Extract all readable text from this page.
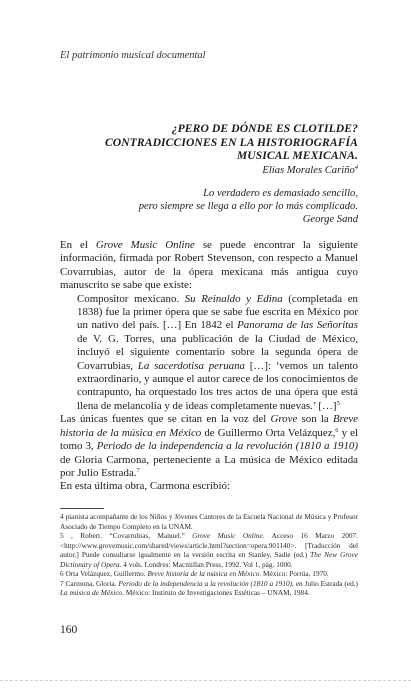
El patrimonio musical documental
¿PERO DE DÓNDE ES CLOTILDE?
CONTRADICCIONES EN LA HISTORIOGRAFÍA
MUSICAL MEXICANA.
Elías Morales Cariño$^4$
Lo verdadero es demasiado sencillo,
pero siempre se llega a ello por lo más complicado.
George Sand

En el Grove Music Online se puede encontrar la siguiente información, firmada por Robert Stevenson, con respecto a Manuel Covarrubias, autor de la ópera mexicana más antigua cuyo manuscrito se sabe que existe:

Compositor mexicano. Su Reinaldo y Edina (completada en 1838) fue la primer ópera que se sabe fue escrita en México por un nativo del país. […] En 1842 el Panorama de las Señoritas de V. G. Torres, una publicación de la Ciudad de México, incluyó el siguiente comentario sobre la segunda ópera de Covarrubias, La sacerdotisa peruana […]: ‘vemos un talento extraordinario, y aunque el autor carece de los conocimientos de contrapunto, ha orquestado los tres actos de una ópera que está llena de melancolía y de ideas completamente nuevas.’ […]$^5$

Las únicas fuentes que se citan en la voz del Grove son la Breve historia de la música en México de Guillermo Orta Velázquez,$^6$ y el tomo 3, Periodo de la independencia a la revolución (1810 a 1910) de Gloria Carmona, perteneciente a La música de México editada por Julio Estrada.$^7$

En esta última obra, Carmona escribió:

4 pianista acompañante de los Niños y Jóvenes Cantores de la Escuela Nacional de Música y Profesor Asociado de Tiempo Completo en la UNAM.

5 , Robert. “Covarrubias, Manuel.” Grove Music Online. Acceso 16 Marzo 2007. <http://www.grovemusic.com/shared/views/article.html?section=opera.901140>. [Traducción del autor.] Puede consultarse igualmente en la versión escrita en Stanley, Sadie (ed.) The New Grove Dictionary of Opera. 4 vols. Londres: Macmillan Press, 1992. Vol 1, pág. 1000.

6 Orta Velázquez, Guillermo. Breve historia de la música en México. México: Porrúa, 1970.

7 Carmona, Gloria. Periodo de la independencia a la revolución (1810 a 1910), en Julio Estrada (ed.) La música de México. México: Instituto de Investigaciones Estéticas – UNAM, 1984.

160
